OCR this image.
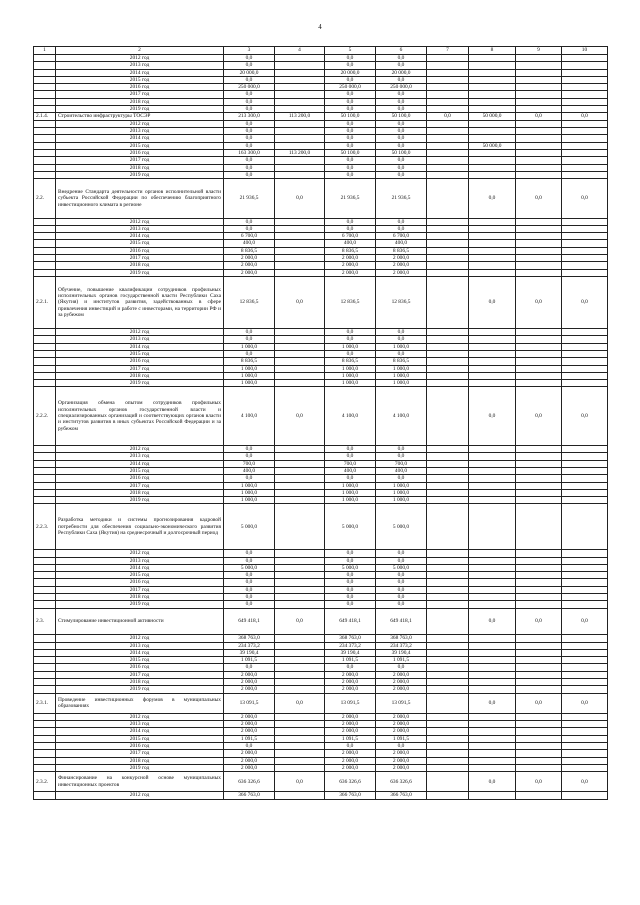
4
1	2	3	4	5	6	7	8	9	10
	2012 год	0,0		0,0	0,0				
	2013 год	0,0		0,0	0,0				
	2014 год	20 000,0		20 000,0	20 000,0				
	2015 год	0,0		0,0	0,0				
	2016 год	250 000,0		250 000,0	250 000,0				
	2017 год	0,0		0,0	0,0				
	2018 год	0,0		0,0	0,0				
	2019 год	0,0		0,0	0,0				
2.1.4.	Строительство инфраструктуры ТОСЭР	213 300,0	113 200,0	50 100,0	50 100,0	0,0	50 000,0	0,0	0,0
	2012 год	0,0		0,0	0,0				
	2013 год	0,0		0,0	0,0				
	2014 год	0,0		0,0	0,0				
	2015 год	0,0		0,0	0,0		50 000,0		
	2016 год	163 300,0	113 200,0	50 100,0	50 100,0				
	2017 год	0,0		0,0	0,0				
	2018 год	0,0		0,0	0,0				
	2019 год	0,0		0,0	0,0				
2.2.	Внедрение Стандарта деятельности органов исполнительной власти субъекта Российской Федерации по обеспечению благоприятного инвестиционного климата в регионе	21 936,5	0,0	21 936,5	21 936,5		0,0	0,0	0,0
	2012 год	0,0		0,0	0,0				
	2013 год	0,0		0,0	0,0				
	2014 год	6 700,0		6 700,0	6 700,0				
	2015 год	400,0		400,0	400,0				
	2016 год	8 836,5		8 836,5	8 836,5				
	2017 год	2 000,0		2 000,0	2 000,0				
	2018 год	2 000,0		2 000,0	2 000,0				
	2019 год	2 000,0		2 000,0	2 000,0				
2.2.1.	Обучение, повышение квалификации сотрудников профильных исполнительных органов государственной власти Республики Саха (Якутия) и институтов развития, задействованных в сфере привлечения инвестиций и работе с инвесторами, на территории РФ и за рубежом	12 836,5	0,0	12 836,5	12 836,5		0,0	0,0	0,0
	2012 год	0,0		0,0	0,0				
	2013 год	0,0		0,0	0,0				
	2014 год	1 000,0		1 000,0	1 000,0				
	2015 год	0,0		0,0	0,0				
	2016 год	8 836,5		8 836,5	8 836,5				
	2017 год	1 000,0		1 000,0	1 000,0				
	2018 год	1 000,0		1 000,0	1 000,0				
	2019 год	1 000,0		1 000,0	1 000,0				
2.2.2.	Организация обмена опытом сотрудников профильных исполнительных органов государственной власти и специализированных организаций и соответствующих органов власти и институтов развития в иных субъектах Российской Федерации и за рубежом	4 100,0	0,0	4 100,0	4 100,0		0,0	0,0	0,0
	2012 год	0,0		0,0	0,0				
	2013 год	0,0		0,0	0,0				
	2014 год	700,0		700,0	700,0				
	2015 год	400,0		400,0	400,0				
	2016 год	0,0		0,0	0,0				
	2017 год	1 000,0		1 000,0	1 000,0				
	2018 год	1 000,0		1 000,0	1 000,0				
	2019 год	1 000,0		1 000,0	1 000,0				
2.2.3.	Разработка методики и системы прогнозирования кадровой потребности для обеспечения социально-экономического развития Республики Саха (Якутия) на среднесрочный и долгосрочный период	5 000,0		5 000,0	5 000,0				
	2012 год	0,0		0,0	0,0				
	2013 год	0,0		0,0	0,0				
	2014 год	5 000,0		5 000,0	5 000,0				
	2015 год	0,0		0,0	0,0				
	2016 год	0,0		0,0	0,0				
	2017 год	0,0		0,0	0,0				
	2018 год	0,0		0,0	0,0				
	2019 год	0,0		0,0	0,0				
2.3.	Стимулирование инвестиционной активности	649 418,1	0,0	649 418,1	649 418,1		0,0	0,0	0,0
	2012 год	368 763,0		368 763,0	368 763,0				
	2013 год	234 373,2		234 373,2	234 373,2				
	2014 год	39 190,4		39 190,4	39 190,4				
	2015 год	1 091,5		1 091,5	1 091,5				
	2016 год	0,0		0,0	0,0				
	2017 год	2 000,0		2 000,0	2 000,0				
	2018 год	2 000,0		2 000,0	2 000,0				
	2019 год	2 000,0		2 000,0	2 000,0				
2.3.1.	Проведение инвестиционных форумов в муниципальных образованиях	13 091,5	0,0	13 091,5	13 091,5		0,0	0,0	0,0
	2012 год	2 000,0		2 000,0	2 000,0				
	2013 год	2 000,0		2 000,0	2 000,0				
	2014 год	2 000,0		2 000,0	2 000,0				
	2015 год	1 091,5		1 091,5	1 091,5				
	2016 год	0,0		0,0	0,0				
	2017 год	2 000,0		2 000,0	2 000,0				
	2018 год	2 000,0		2 000,0	2 000,0				
	2019 год	2 000,0		2 000,0	2 000,0				
2.3.2.	Финансирование на конкурсной основе муниципальных инвестиционных проектов	636 326,6	0,0	636 326,6	636 326,6		0,0	0,0	0,0
	2012 год	366 763,0		366 763,0	366 763,0				
